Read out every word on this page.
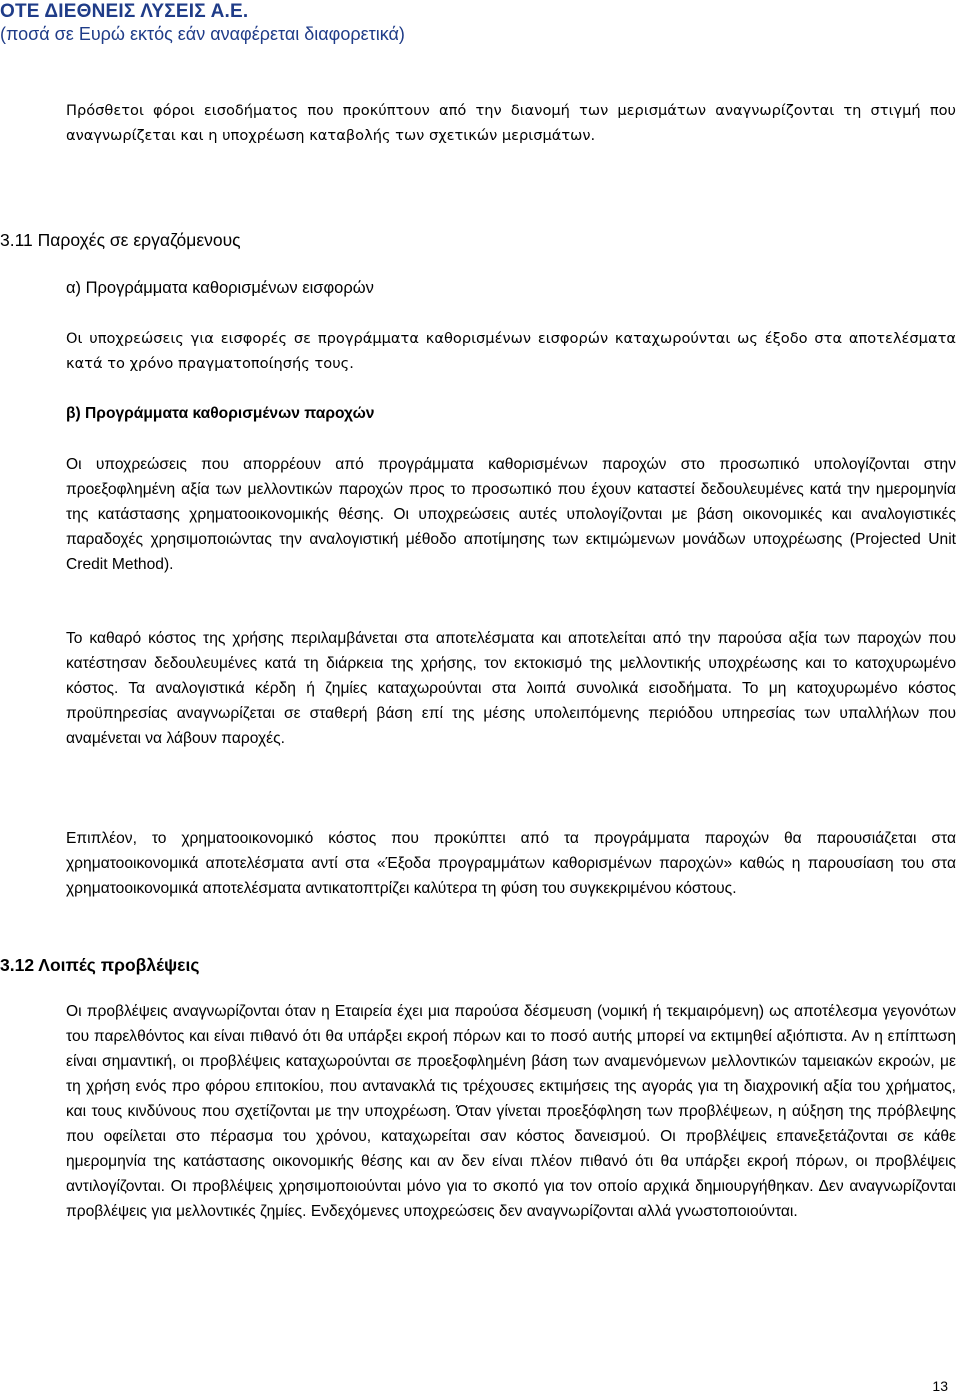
ΟΤΕ ΔΙΕΘΝΕΙΣ ΛΥΣΕΙΣ Α.Ε.
(ποσά σε Ευρώ εκτός εάν αναφέρεται διαφορετικά)

Πρόσθετοι φόροι εισοδήματος που προκύπτουν από την διανομή των μερισμάτων αναγνωρίζονται τη στιγμή που αναγνωρίζεται και η υποχρέωση καταβολής των σχετικών μερισμάτων.

3.11 Παροχές σε εργαζόμενους
α) Προγράμματα καθορισμένων εισφορών

Οι υποχρεώσεις για εισφορές σε προγράμματα καθορισμένων εισφορών καταχωρούνται ως έξοδο στα αποτελέσματα κατά το χρόνο πραγματοποίησής τους.

β) Προγράμματα καθορισμένων παροχών

Οι υποχρεώσεις που απορρέουν από προγράμματα καθορισμένων παροχών στο προσωπικό υπολογίζονται στην προεξοφλημένη αξία των μελλοντικών παροχών προς το προσωπικό που έχουν καταστεί δεδουλευμένες κατά την ημερομηνία της κατάστασης χρηματοοικονομικής θέσης. Οι υποχρεώσεις αυτές υπολογίζονται με βάση οικονομικές και αναλογιστικές παραδοχές χρησιμοποιώντας την αναλογιστική μέθοδο αποτίμησης των εκτιμώμενων μονάδων υποχρέωσης (Projected Unit Credit Method).

Το καθαρό κόστος της χρήσης περιλαμβάνεται στα αποτελέσματα και αποτελείται από την παρούσα αξία των παροχών που κατέστησαν δεδουλευμένες κατά τη διάρκεια της χρήσης, τον εκτοκισμό της μελλοντικής υποχρέωσης και το κατοχυρωμένο κόστος. Τα αναλογιστικά κέρδη ή ζημίες καταχωρούνται στα λοιπά συνολικά εισοδήματα. Το μη κατοχυρωμένο κόστος προϋπηρεσίας αναγνωρίζεται σε σταθερή βάση επί της μέσης υπολειπόμενης περιόδου υπηρεσίας των υπαλλήλων που αναμένεται να λάβουν παροχές.

Επιπλέον, το χρηματοοικονομικό κόστος που προκύπτει από τα προγράμματα παροχών θα παρουσιάζεται στα χρηματοοικονομικά αποτελέσματα αντί στα «Έξοδα προγραμμάτων καθορισμένων παροχών» καθώς η παρουσίαση του στα χρηματοοικονομικά αποτελέσματα αντικατοπτρίζει καλύτερα τη φύση του συγκεκριμένου κόστους.

3.12 Λοιπές προβλέψεις

Οι προβλέψεις αναγνωρίζονται όταν η Εταιρεία έχει μια παρούσα δέσμευση (νομική ή τεκμαιρόμενη) ως αποτέλεσμα γεγονότων του παρελθόντος και είναι πιθανό ότι θα υπάρξει εκροή πόρων και το ποσό αυτής μπορεί να εκτιμηθεί αξιόπιστα. Αν η επίπτωση είναι σημαντική, οι προβλέψεις καταχωρούνται σε προεξοφλημένη βάση των αναμενόμενων μελλοντικών ταμειακών εκροών, με τη χρήση ενός προ φόρου επιτοκίου, που αντανακλά τις τρέχουσες εκτιμήσεις της αγοράς για τη διαχρονική αξία του χρήματος, και τους κινδύνους που σχετίζονται με την υποχρέωση. Όταν γίνεται προεξόφληση των προβλέψεων, η αύξηση της πρόβλεψης που οφείλεται στο πέρασμα του χρόνου, καταχωρείται σαν κόστος δανεισμού. Οι προβλέψεις επανεξετάζονται σε κάθε ημερομηνία της κατάστασης οικονομικής θέσης και αν δεν είναι πλέον πιθανό ότι θα υπάρξει εκροή πόρων, οι προβλέψεις αντιλογίζονται. Οι προβλέψεις χρησιμοποιούνται μόνο για το σκοπό για τον οποίο αρχικά δημιουργήθηκαν. Δεν αναγνωρίζονται προβλέψεις για μελλοντικές ζημίες. Ενδεχόμενες υποχρεώσεις δεν αναγνωρίζονται αλλά γνωστοποιούνται.

13
